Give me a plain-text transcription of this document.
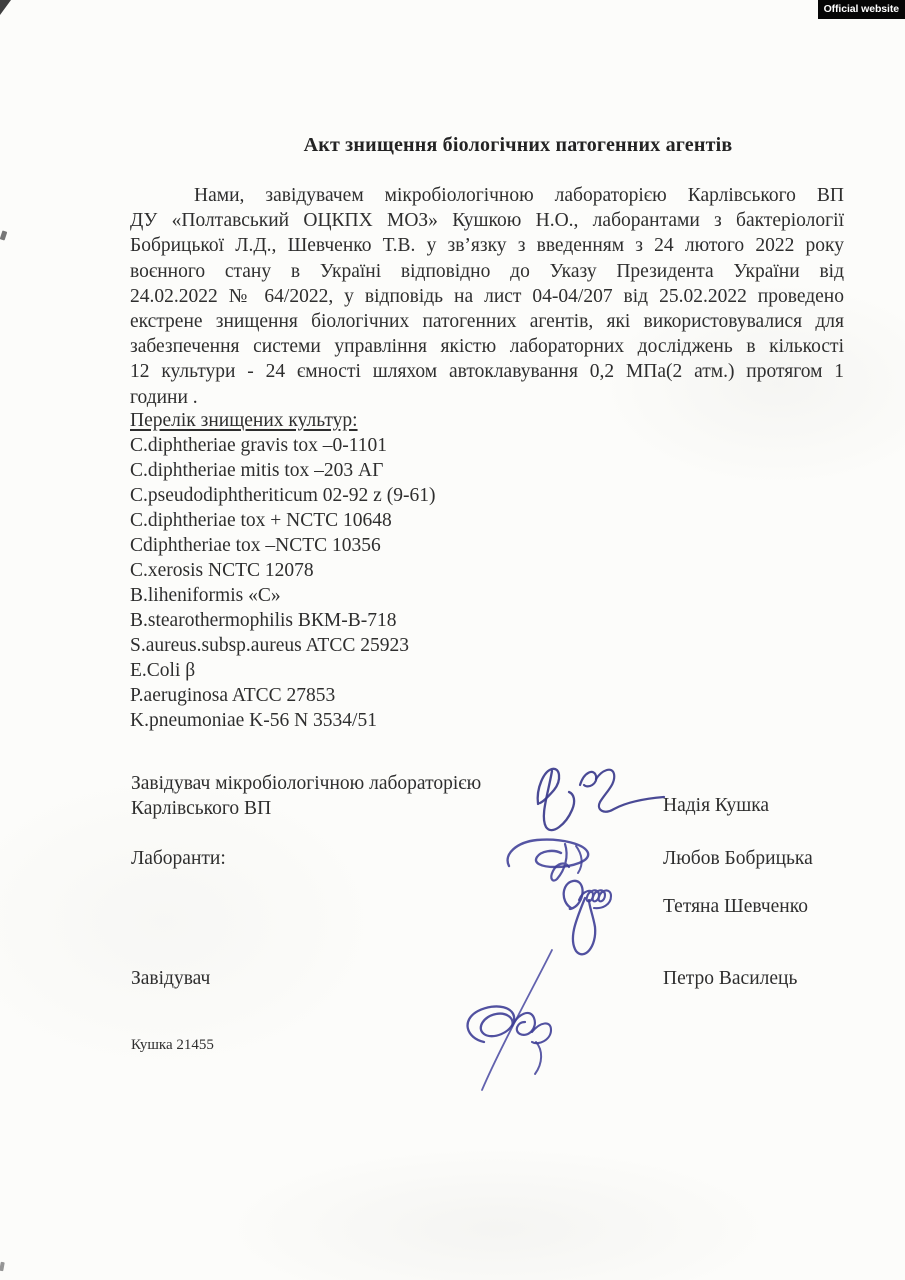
Official website
Акт знищення біологічних патогенних агентів
Нами, завідувачем мікробіологічною лабораторією Карлівського ВП
ДУ «Полтавський ОЦКПХ МОЗ» Кушкою Н.О., лаборантами з бактеріології
Бобрицької Л.Д., Шевченко Т.В. у зв’язку з введенням з 24 лютого 2022 року
воєнного стану в Україні відповідно до Указу Президента України від
24.02.2022 № 64/2022, у відповідь на лист 04-04/207 від 25.02.2022 проведено
екстрене знищення біологічних патогенних агентів, які використовувалися для
забезпечення системи управління якістю лабораторних досліджень в кількості
12 культури - 24 ємності шляхом автоклавування 0,2 МПа(2 атм.) протягом 1
години .
Перелік знищених культур:
C.diphtheriae gravis tox –0-1101
C.diphtheriae mitis tox –203 АГ
C.pseudodiphtheriticum 02-92 z (9-61)
C.diphtheriae tox + NCTC 10648
Cdiphtheriae tox –NCTC 10356
C.xerosis NCTC 12078
B.liheniformis «С»
B.stearothermophilis ВКМ-В-718
S.aureus.subsp.aureus ATCC 25923
E.Coli β
P.aeruginosa ATCC 27853
K.pneumoniae K-56 N 3534/51
Завідувач мікробіологічною лабораторією
Карлівського ВП	Надія Кушка
Лаборанти:	Любов Бобрицька
Тетяна Шевченко
Завідувач	Петро Василець
Кушка 21455
